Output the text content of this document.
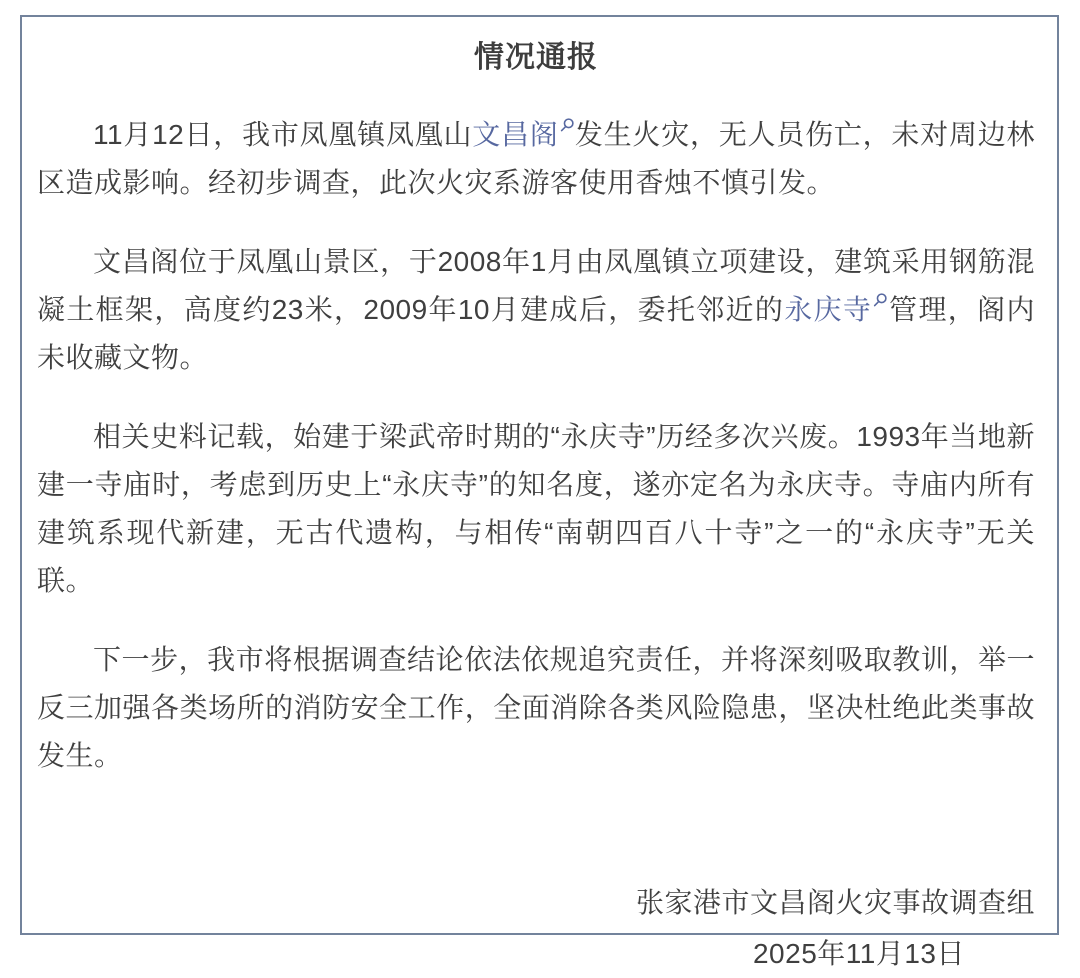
情况通报

11月12日，我市凤凰镇凤凰山文昌阁 发生火灾，无人员伤亡，未对周边林区造成影响。经初步调查，此次火灾系游客使用香烛不慎引发。

文昌阁位于凤凰山景区，于2008年1月由凤凰镇立项建设，建筑采用钢筋混凝土框架，高度约23米，2009年10月建成后，委托邻近的永庆寺 管理，阁内未收藏文物。

相关史料记载，始建于梁武帝时期的“永庆寺”历经多次兴废。1993年当地新建一寺庙时，考虑到历史上“永庆寺”的知名度，遂亦定名为永庆寺。寺庙内所有建筑系现代新建，无古代遗构，与相传“南朝四百八十寺”之一的“永庆寺”无关联。

下一步，我市将根据调查结论依法依规追究责任，并将深刻吸取教训，举一反三加强各类场所的消防安全工作，全面消除各类风险隐患，坚决杜绝此类事故发生。

张家港市文昌阁火灾事故调查组
2025年11月13日
